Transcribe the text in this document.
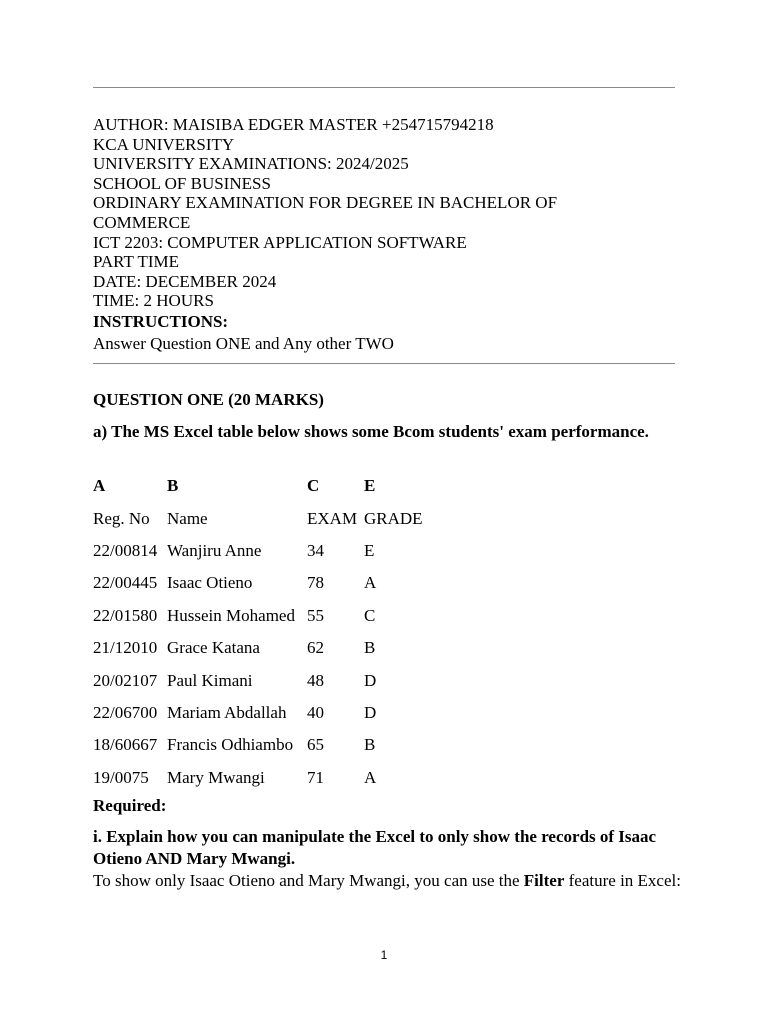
AUTHOR: MAISIBA EDGER MASTER +254715794218
KCA UNIVERSITY
UNIVERSITY EXAMINATIONS: 2024/2025
SCHOOL OF BUSINESS
ORDINARY EXAMINATION FOR DEGREE IN BACHELOR OF
COMMERCE
ICT 2203: COMPUTER APPLICATION SOFTWARE
PART TIME
DATE: DECEMBER 2024
TIME: 2 HOURS
INSTRUCTIONS:
Answer Question ONE and Any other TWO
QUESTION ONE (20 MARKS)
a) The MS Excel table below shows some Bcom students' exam performance.
A	B	C	E
Reg. No	Name	EXAM	GRADE
22/00814	Wanjiru Anne	34	E
22/00445	Isaac Otieno	78	A
22/01580	Hussein Mohamed	55	C
21/12010	Grace Katana	62	B
20/02107	Paul Kimani	48	D
22/06700	Mariam Abdallah	40	D
18/60667	Francis Odhiambo	65	B
19/0075	Mary Mwangi	71	A
Required:
i. Explain how you can manipulate the Excel to only show the records of Isaac Otieno AND Mary Mwangi.
To show only Isaac Otieno and Mary Mwangi, you can use the Filter feature in Excel:
1
